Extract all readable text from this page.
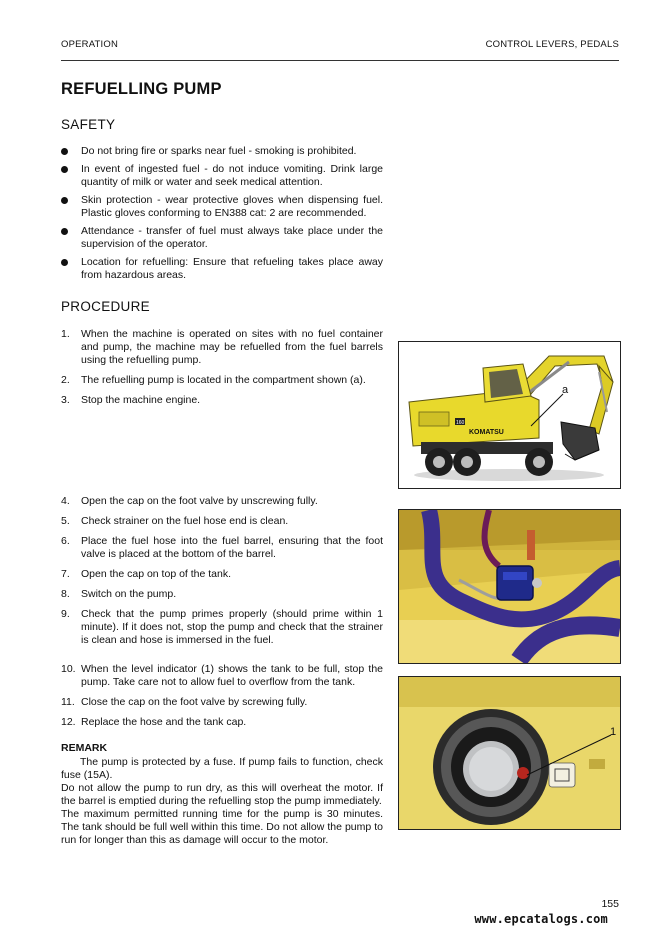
OPERATION	CONTROL LEVERS, PEDALS
REFUELLING PUMP
SAFETY
Do not bring fire or sparks near fuel - smoking is prohibited.
In event of ingested fuel - do not induce vomiting. Drink large quantity of milk or water and seek medical attention.
Skin protection - wear protective gloves when dispensing fuel. Plastic gloves conforming to EN388 cat: 2 are recommended.
Attendance - transfer of fuel must always take place under the supervision of the operator.
Location for refuelling: Ensure that refueling takes place away from hazardous areas.
PROCEDURE
1. When the machine is operated on sites with no fuel container and pump, the machine may be refuelled from the fuel barrels using the refuelling pump.
2. The refuelling pump is located in the compartment shown (a).
3. Stop the machine engine.
4. Open the cap on the foot valve by unscrewing fully.
5. Check strainer on the fuel hose end is clean.
6. Place the fuel hose into the fuel barrel, ensuring that the foot valve is placed at the bottom of the barrel.
7. Open the cap on top of the tank.
8. Switch on the pump.
9. Check that the pump primes properly (should prime within 1 minute). If it does not, stop the pump and check that the strainer is clean and hose is immersed in the fuel.
10. When the level indicator (1) shows the tank to be full, stop the pump. Take care not to allow fuel to overflow from the tank.
11. Close the cap on the foot valve by screwing fully.
12. Replace the hose and the tank cap.
REMARK

The pump is protected by a fuse. If pump fails to function, check fuse (15A).

Do not allow the pump to run dry, as this will overheat the motor. If the barrel is emptied during the refuelling stop the pump immediately.

The maximum permitted running time for the pump is 30 minutes. The tank should be full well within this time. Do not allow the pump to run for longer than this as damage will occur to the motor.

KOMATSU
160
a
1
155
www.epcatalogs.com
